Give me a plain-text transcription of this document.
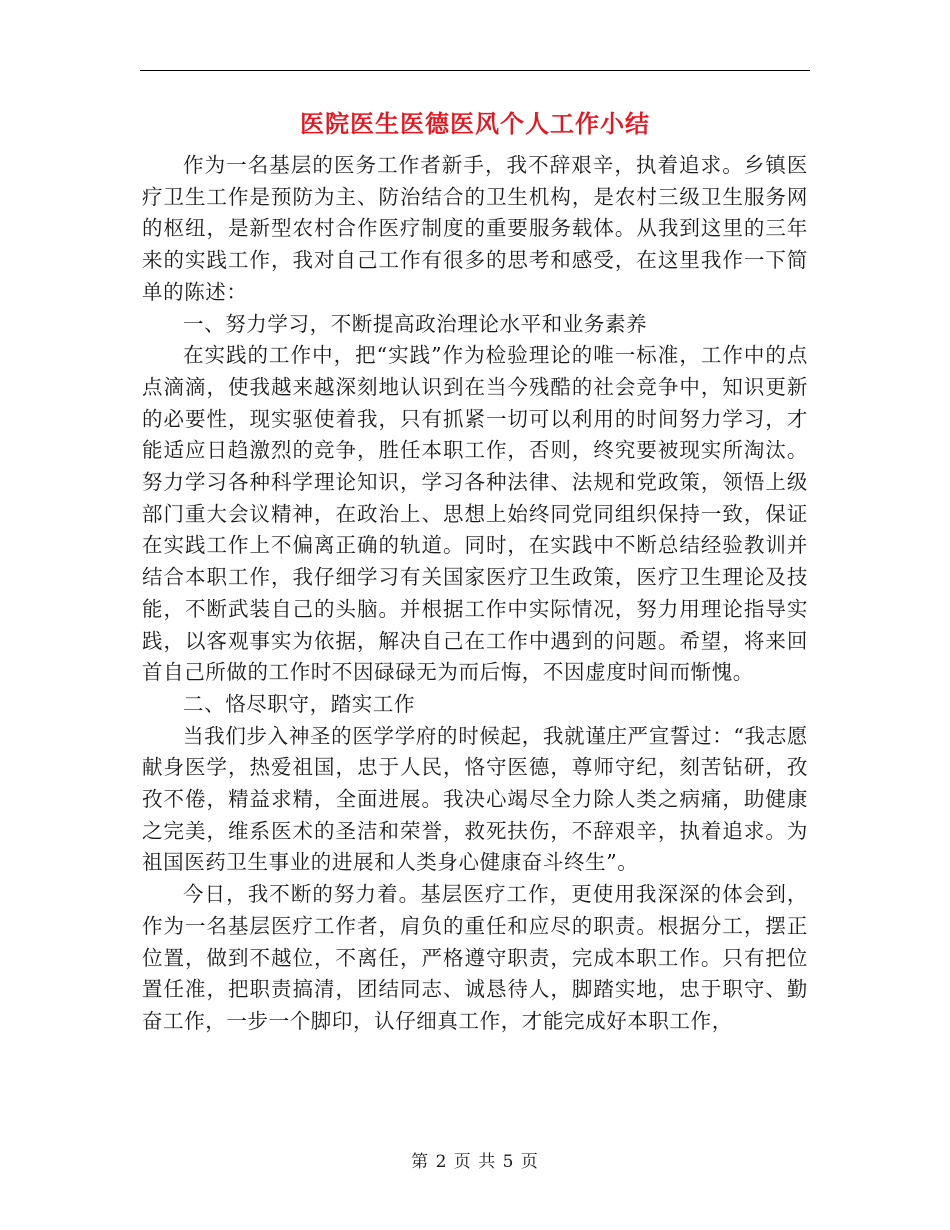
医院医生医德医风个人工作小结

作为一名基层的医务工作者新手，我不辞艰辛，执着追求。乡镇医疗卫生工作是预防为主、防治结合的卫生机构，是农村三级卫生服务网的枢纽，是新型农村合作医疗制度的重要服务载体。从我到这里的三年来的实践工作，我对自己工作有很多的思考和感受，在这里我作一下简单的陈述：

一、努力学习，不断提高政治理论水平和业务素养

在实践的工作中，把“实践”作为检验理论的唯一标准，工作中的点点滴滴，使我越来越深刻地认识到在当今残酷的社会竞争中，知识更新的必要性，现实驱使着我，只有抓紧一切可以利用的时间努力学习，才能适应日趋激烈的竞争，胜任本职工作，否则，终究要被现实所淘汰。努力学习各种科学理论知识，学习各种法律、法规和党政策，领悟上级部门重大会议精神，在政治上、思想上始终同党同组织保持一致，保证在实践工作上不偏离正确的轨道。同时，在实践中不断总结经验教训并结合本职工作，我仔细学习有关国家医疗卫生政策，医疗卫生理论及技能，不断武装自己的头脑。并根据工作中实际情况，努力用理论指导实践，以客观事实为依据，解决自己在工作中遇到的问题。希望，将来回首自己所做的工作时不因碌碌无为而后悔，不因虚度时间而惭愧。

二、恪尽职守，踏实工作

当我们步入神圣的医学学府的时候起，我就谨庄严宣誓过：“我志愿献身医学，热爱祖国，忠于人民，恪守医德，尊师守纪，刻苦钻研，孜孜不倦，精益求精，全面进展。我决心竭尽全力除人类之病痛，助健康之完美，维系医术的圣洁和荣誉，救死扶伤，不辞艰辛，执着追求。为祖国医药卫生事业的进展和人类身心健康奋斗终生”。

今日，我不断的努力着。基层医疗工作，更使用我深深的体会到，作为一名基层医疗工作者，肩负的重任和应尽的职责。根据分工，摆正位置，做到不越位，不离任，严格遵守职责，完成本职工作。只有把位置任准，把职责搞清，团结同志、诚恳待人，脚踏实地，忠于职守、勤奋工作，一步一个脚印，认仔细真工作，才能完成好本职工作，

第 2 页 共 5 页
